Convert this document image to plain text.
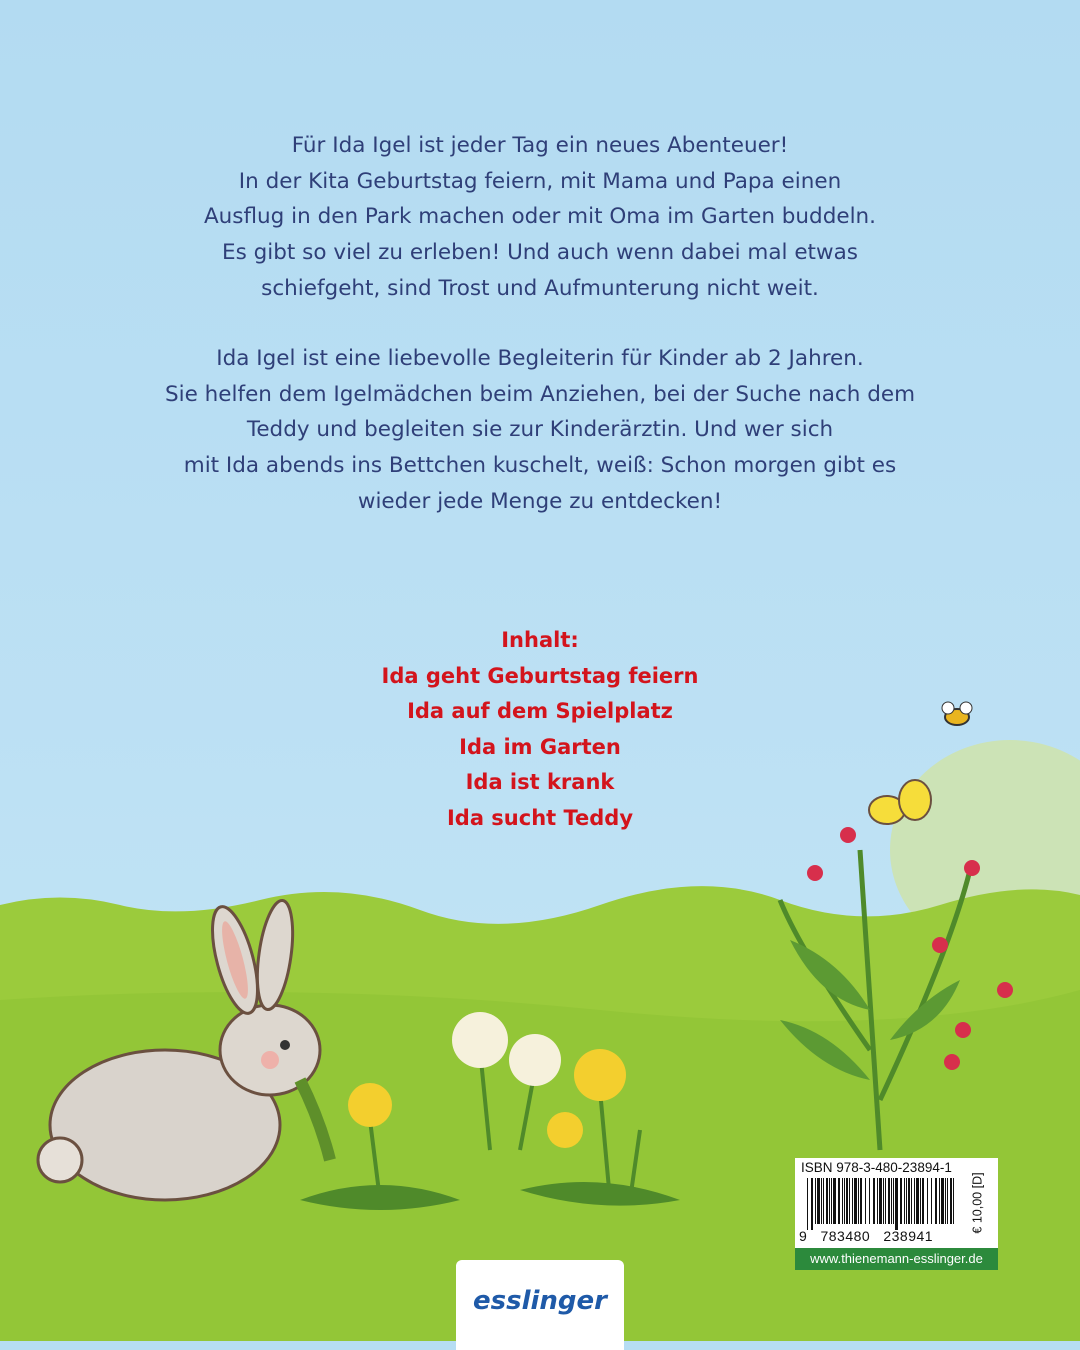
Für Ida Igel ist jeder Tag ein neues Abenteuer!

In der Kita Geburtstag feiern, mit Mama und Papa einen

Ausflug in den Park machen oder mit Oma im Garten buddeln.

Es gibt so viel zu erleben! Und auch wenn dabei mal etwas

schiefgeht, sind Trost und Aufmunterung nicht weit.

Ida Igel ist eine liebevolle Begleiterin für Kinder ab 2 Jahren.

Sie helfen dem Igelmädchen beim Anziehen, bei der Suche nach dem

Teddy und begleiten sie zur Kinderärztin. Und wer sich

mit Ida abends ins Bettchen kuschelt, weiß: Schon morgen gibt es

wieder jede Menge zu entdecken!

Inhalt:
Ida geht Geburtstag feiern
Ida auf dem Spielplatz
Ida im Garten
Ida ist krank
Ida sucht Teddy
ISBN 978-3-480-23894-1
9   783480   238941
€ 10,00 [D]
www.thienemann-esslinger.de
esslinger
